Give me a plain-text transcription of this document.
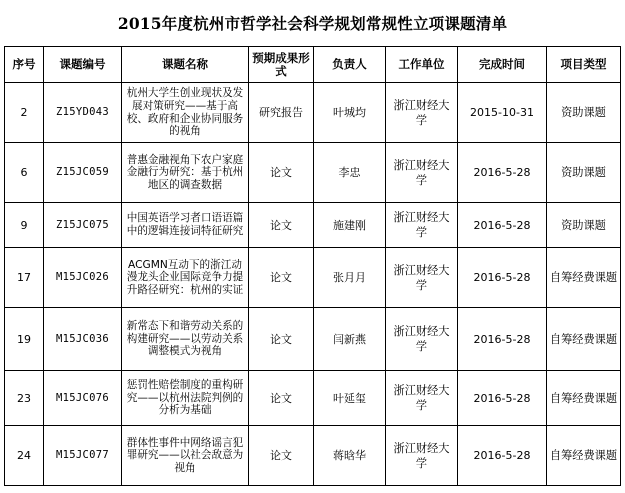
2015年度杭州市哲学社会科学规划常规性立项课题清单
序号	课题编号	课题名称	预期成果形式	负责人	工作单位	完成时间	项目类型
2	Z15YD043	杭州大学生创业现状及发展对策研究——基于高校、政府和企业协同服务的视角	研究报告	叶城均	浙江财经大学	2015-10-31	资助课题
6	Z15JC059	普惠金融视角下农户家庭金融行为研究：基于杭州地区的调查数据	论文	李忠	浙江财经大学	2016-5-28	资助课题
9	Z15JC075	中国英语学习者口语语篇中的逻辑连接词特征研究	论文	施建刚	浙江财经大学	2016-5-28	资助课题
17	M15JC026	ACGMN互动下的浙江动漫龙头企业国际竞争力提升路径研究：杭州的实证	论文	张月月	浙江财经大学	2016-5-28	自筹经费课题
19	M15JC036	新常态下和谐劳动关系的构建研究——以劳动关系调整模式为视角	论文	闫新燕	浙江财经大学	2016-5-28	自筹经费课题
23	M15JC076	惩罚性赔偿制度的重构研究——以杭州法院判例的分析为基础	论文	叶延玺	浙江财经大学	2016-5-28	自筹经费课题
24	M15JC077	群体性事件中网络谣言犯罪研究——以社会敌意为视角	论文	蒋晗华	浙江财经大学	2016-5-28	自筹经费课题
